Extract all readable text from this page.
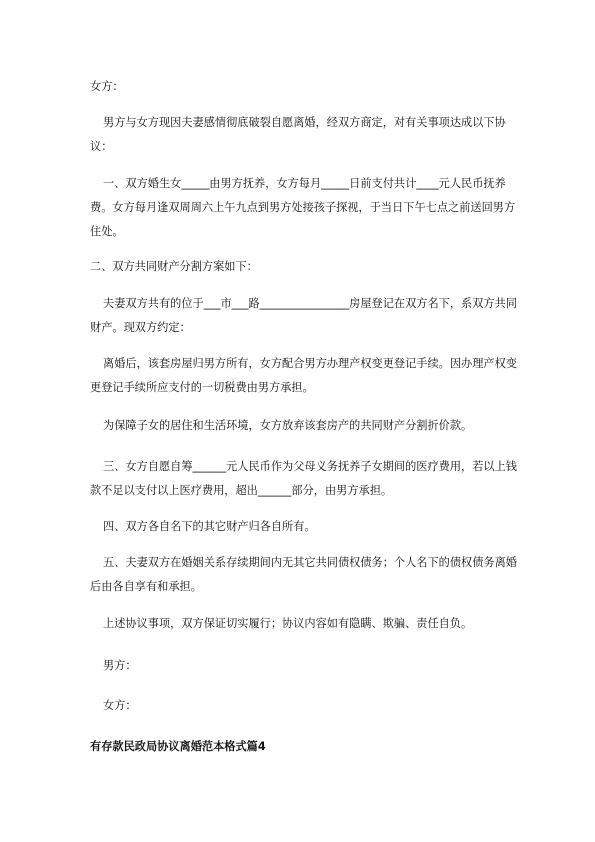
女方：
男方与女方现因夫妻感情彻底破裂自愿离婚，经双方商定，对有关事项达成以下协议：
一、双方婚生女_____由男方抚养，女方每月_____日前支付共计____元人民币抚养费。女方每月逢双周周六上午九点到男方处接孩子探视，于当日下午七点之前送回男方住处。
二、双方共同财产分割方案如下：
夫妻双方共有的位于___市___路________________房屋登记在双方名下，系双方共同财产。现双方约定：
离婚后，该套房屋归男方所有，女方配合男方办理产权变更登记手续。因办理产权变更登记手续所应支付的一切税费由男方承担。
为保障子女的居住和生活环境，女方放弃该套房产的共同财产分割折价款。
三、女方自愿自筹______元人民币作为父母义务抚养子女期间的医疗费用，若以上钱款不足以支付以上医疗费用，超出______部分，由男方承担。
四、双方各自名下的其它财产归各自所有。
五、夫妻双方在婚姻关系存续期间内无其它共同债权债务；个人名下的债权债务离婚后由各自享有和承担。
上述协议事项，双方保证切实履行；协议内容如有隐瞒、欺骗、责任自负。
男方：
女方：
有存款民政局协议离婚范本格式篇4
